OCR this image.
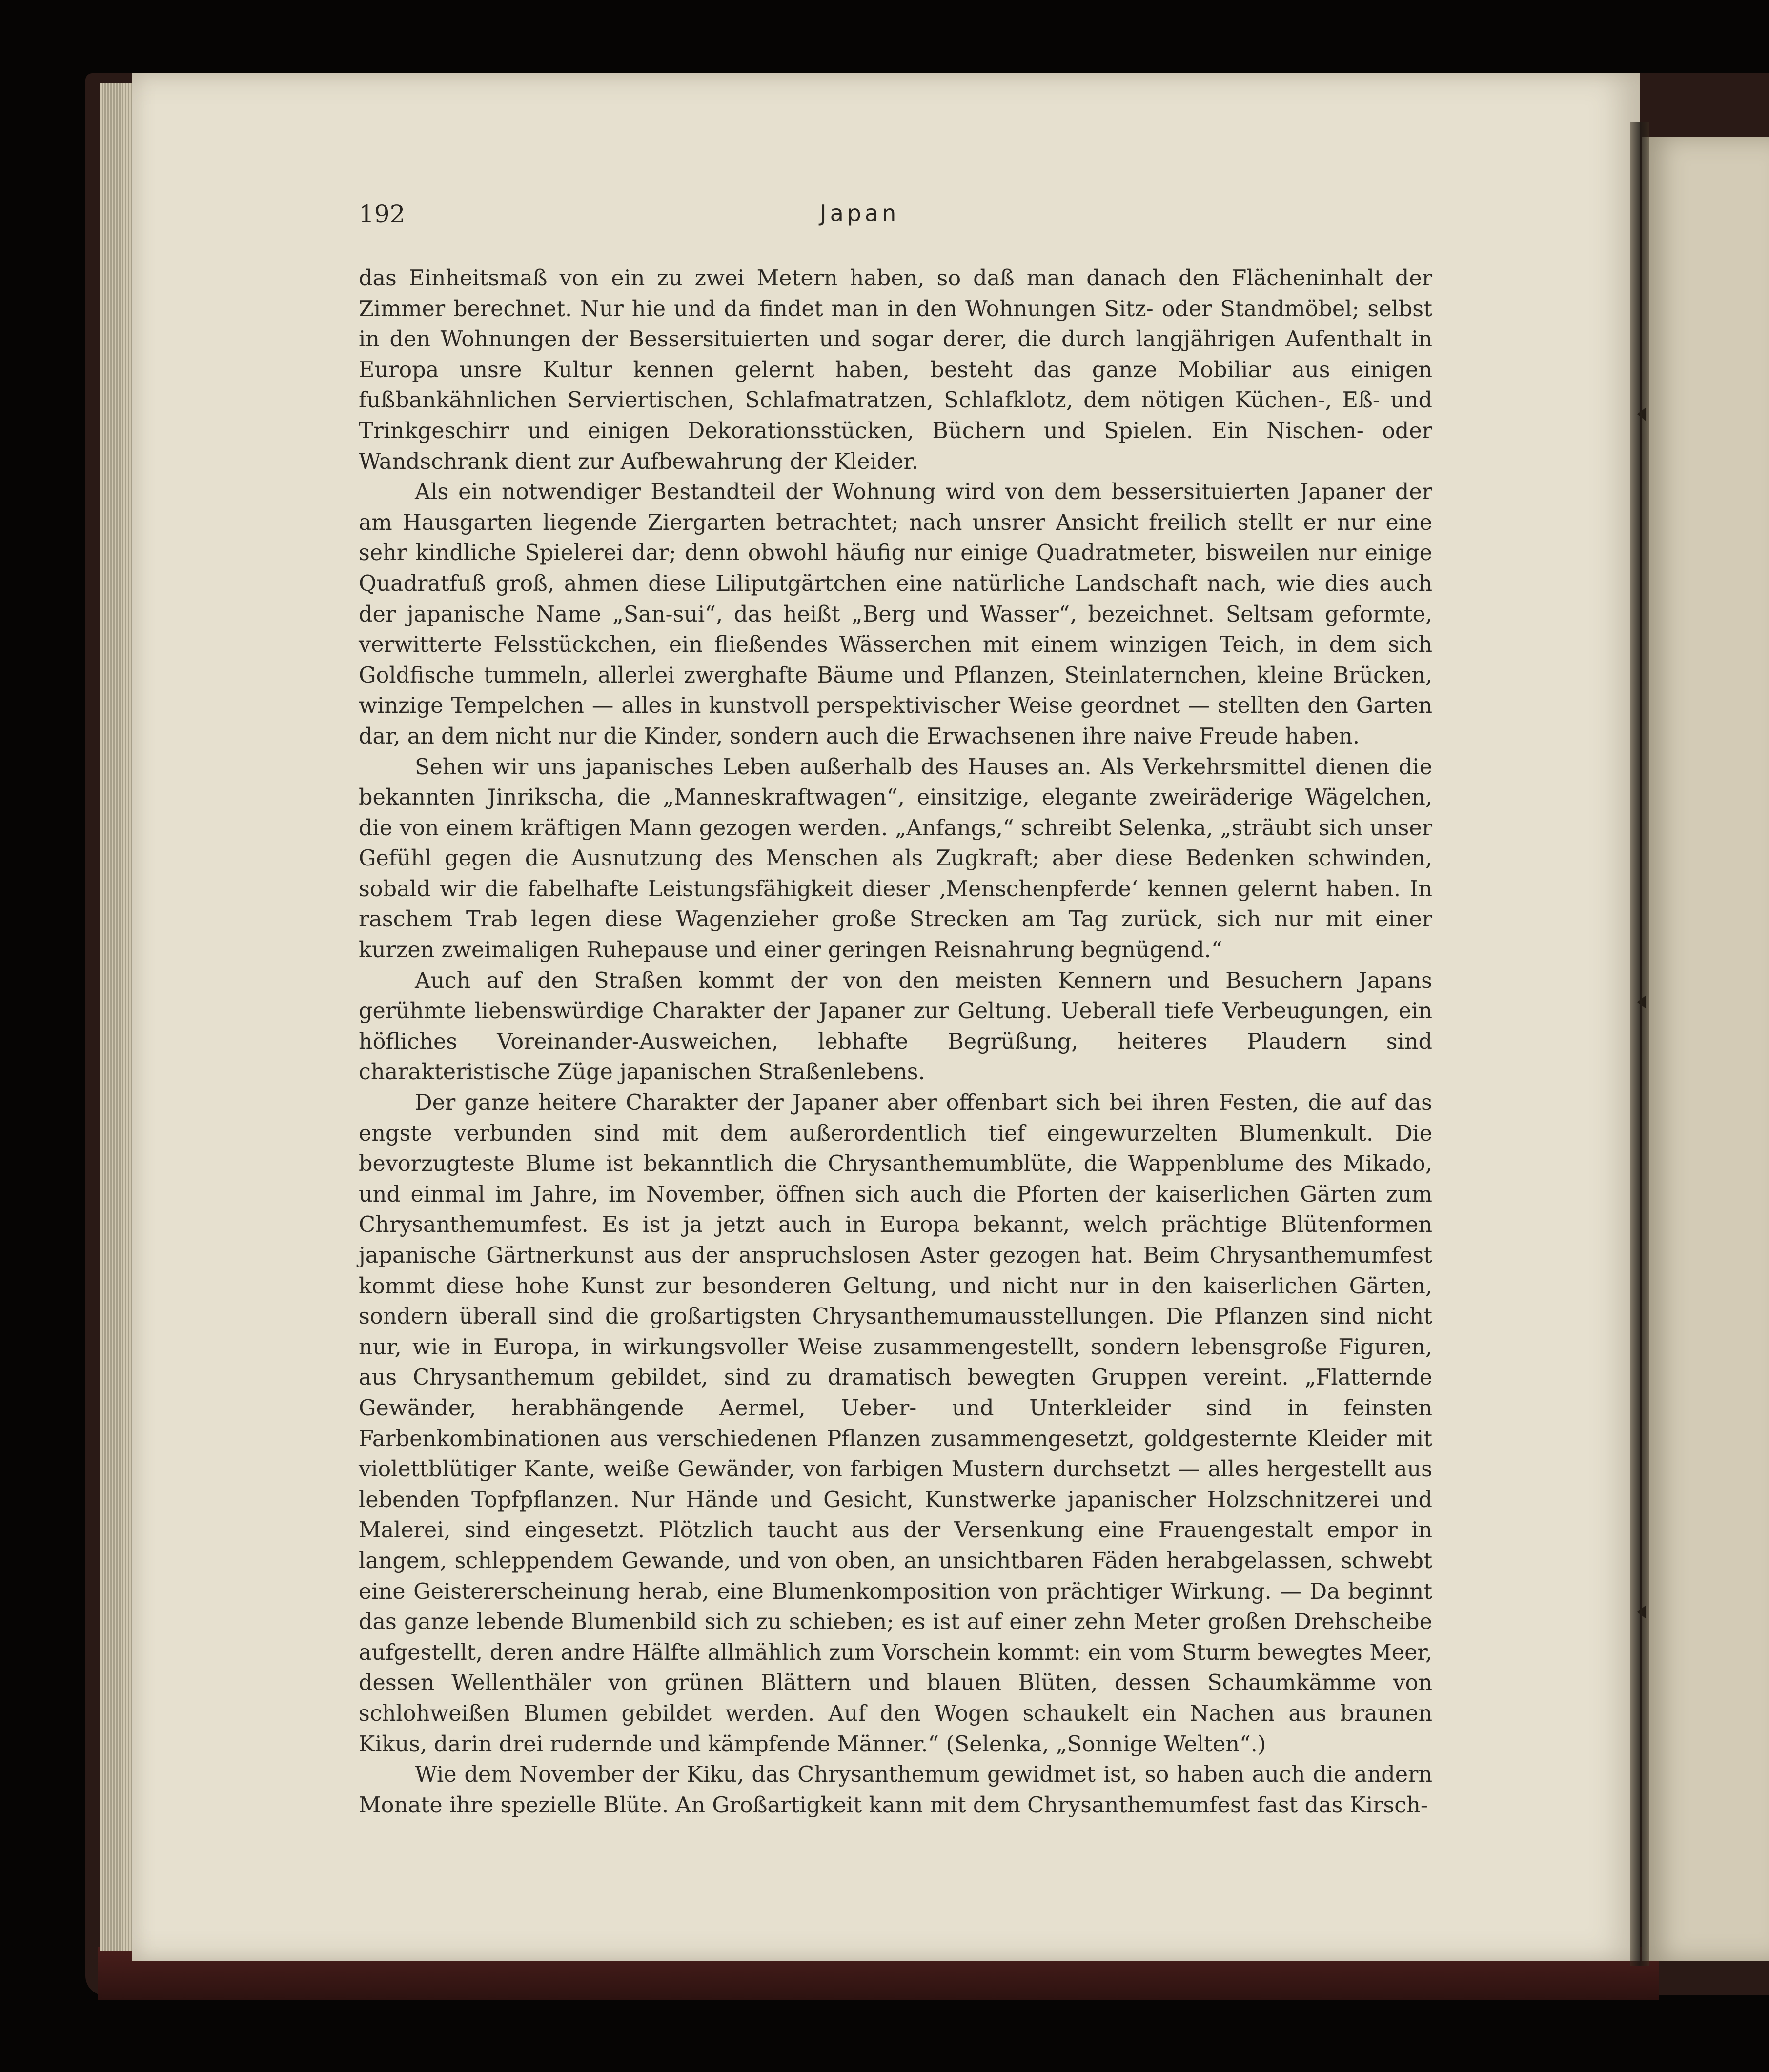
192	Japan

das Einheitsmaß von ein zu zwei Metern haben, so daß man danach den Flächeninhalt der Zimmer berechnet. Nur hie und da findet man in den Wohnungen Sitz- oder Standmöbel; selbst in den Wohnungen der Bessersituierten und sogar derer, die durch langjährigen Aufenthalt in Europa unsre Kultur kennen gelernt haben, besteht das ganze Mobiliar aus einigen fußbankähnlichen Serviertischen, Schlafmatratzen, Schlafklotz, dem nötigen Küchen-, Eß- und Trinkgeschirr und einigen Dekorationsstücken, Büchern und Spielen. Ein Nischen- oder Wandschrank dient zur Aufbewahrung der Kleider.

Als ein notwendiger Bestandteil der Wohnung wird von dem bessersituierten Japaner der am Hausgarten liegende Ziergarten betrachtet; nach unsrer Ansicht freilich stellt er nur eine sehr kindliche Spielerei dar; denn obwohl häufig nur einige Quadratmeter, bisweilen nur einige Quadratfuß groß, ahmen diese Liliputgärtchen eine natürliche Landschaft nach, wie dies auch der japanische Name „San-sui“, das heißt „Berg und Wasser“, bezeichnet. Seltsam geformte, verwitterte Felsstückchen, ein fließendes Wässerchen mit einem winzigen Teich, in dem sich Goldfische tummeln, allerlei zwerghafte Bäume und Pflanzen, Steinlaternchen, kleine Brücken, winzige Tempelchen — alles in kunstvoll perspektivischer Weise geordnet — stellten den Garten dar, an dem nicht nur die Kinder, sondern auch die Erwachsenen ihre naive Freude haben.

Sehen wir uns japanisches Leben außerhalb des Hauses an. Als Verkehrsmittel dienen die bekannten Jinrikscha, die „Manneskraftwagen“, einsitzige, elegante zweiräderige Wägelchen, die von einem kräftigen Mann gezogen werden. „Anfangs,“ schreibt Selenka, „sträubt sich unser Gefühl gegen die Ausnutzung des Menschen als Zugkraft; aber diese Bedenken schwinden, sobald wir die fabelhafte Leistungsfähigkeit dieser ‚Menschenpferde‘ kennen gelernt haben. In raschem Trab legen diese Wagenzieher große Strecken am Tag zurück, sich nur mit einer kurzen zweimaligen Ruhepause und einer geringen Reisnahrung begnügend.“

Auch auf den Straßen kommt der von den meisten Kennern und Besuchern Japans gerühmte liebenswürdige Charakter der Japaner zur Geltung. Ueberall tiefe Verbeugungen, ein höfliches Voreinander-Ausweichen, lebhafte Begrüßung, heiteres Plaudern sind charakteristische Züge japanischen Straßenlebens.

Der ganze heitere Charakter der Japaner aber offenbart sich bei ihren Festen, die auf das engste verbunden sind mit dem außerordentlich tief eingewurzelten Blumenkult. Die bevorzugteste Blume ist bekanntlich die Chrysanthemumblüte, die Wappenblume des Mikado, und einmal im Jahre, im November, öffnen sich auch die Pforten der kaiserlichen Gärten zum Chrysanthemumfest. Es ist ja jetzt auch in Europa bekannt, welch prächtige Blütenformen japanische Gärtnerkunst aus der anspruchslosen Aster gezogen hat. Beim Chrysanthemumfest kommt diese hohe Kunst zur besonderen Geltung, und nicht nur in den kaiserlichen Gärten, sondern überall sind die großartigsten Chrysanthemumausstellungen. Die Pflanzen sind nicht nur, wie in Europa, in wirkungsvoller Weise zusammengestellt, sondern lebensgroße Figuren, aus Chrysanthemum gebildet, sind zu dramatisch bewegten Gruppen vereint. „Flatternde Gewänder, herabhängende Aermel, Ueber- und Unterkleider sind in feinsten Farbenkombinationen aus verschiedenen Pflanzen zusammengesetzt, goldgesternte Kleider mit violettblütiger Kante, weiße Gewänder, von farbigen Mustern durchsetzt — alles hergestellt aus lebenden Topfpflanzen. Nur Hände und Gesicht, Kunstwerke japanischer Holzschnitzerei und Malerei, sind eingesetzt. Plötzlich taucht aus der Versenkung eine Frauengestalt empor in langem, schleppendem Gewande, und von oben, an unsichtbaren Fäden herabgelassen, schwebt eine Geistererscheinung herab, eine Blumenkomposition von prächtiger Wirkung. — Da beginnt das ganze lebende Blumenbild sich zu schieben; es ist auf einer zehn Meter großen Drehscheibe aufgestellt, deren andre Hälfte allmählich zum Vorschein kommt: ein vom Sturm bewegtes Meer, dessen Wellenthäler von grünen Blättern und blauen Blüten, dessen Schaumkämme von schlohweißen Blumen gebildet werden. Auf den Wogen schaukelt ein Nachen aus braunen Kikus, darin drei rudernde und kämpfende Männer.“ (Selenka, „Sonnige Welten“.)

Wie dem November der Kiku, das Chrysanthemum gewidmet ist, so haben auch die andern Monate ihre spezielle Blüte. An Großartigkeit kann mit dem Chrysanthemumfest fast das Kirsch-
